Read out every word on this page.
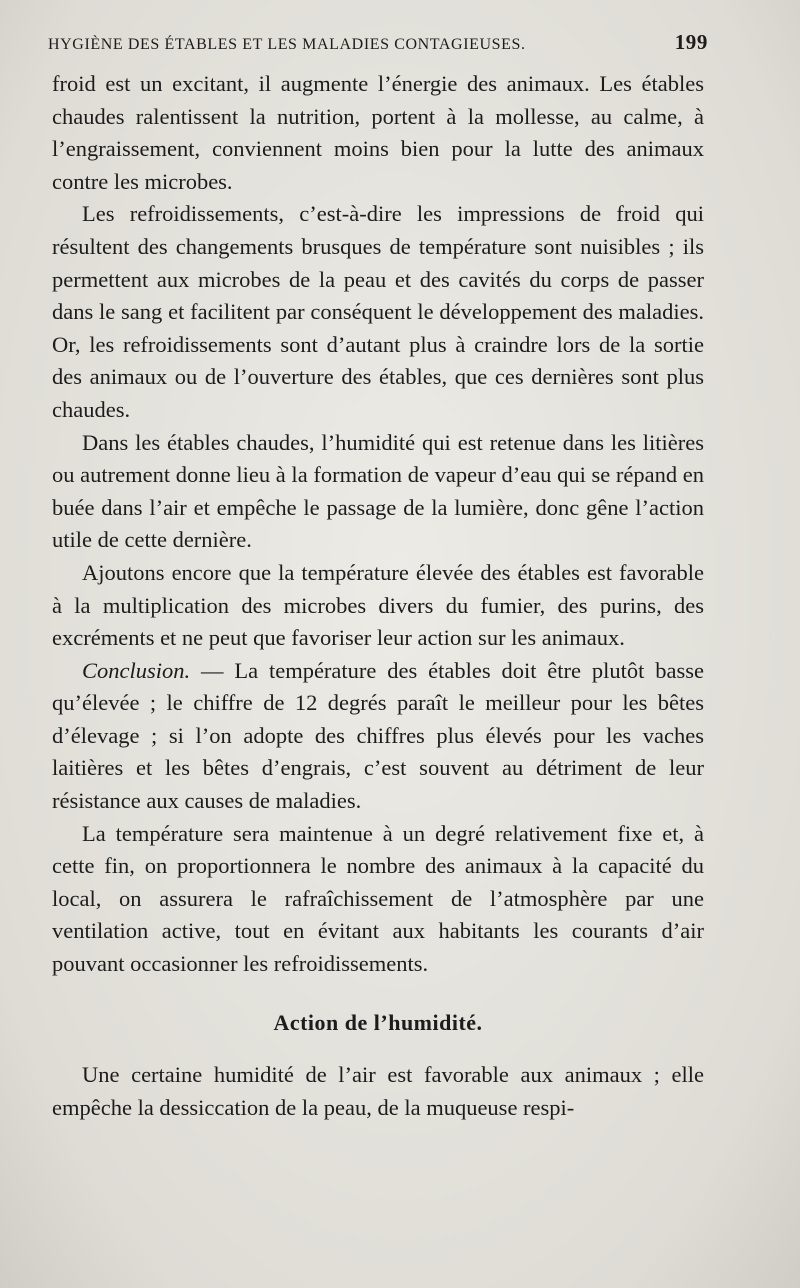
HYGIÈNE DES ÉTABLES ET LES MALADIES CONTAGIEUSES.	199

froid est un excitant, il augmente l’énergie des animaux. Les étables chaudes ralentissent la nutrition, portent à la mollesse, au calme, à l’engraissement, conviennent moins bien pour la lutte des animaux contre les microbes.

Les refroidissements, c’est-à-dire les impressions de froid qui résultent des changements brusques de température sont nuisibles ; ils permettent aux microbes de la peau et des cavités du corps de passer dans le sang et facilitent par conséquent le développement des maladies. Or, les refroidissements sont d’autant plus à craindre lors de la sortie des animaux ou de l’ouverture des étables, que ces dernières sont plus chaudes.

Dans les étables chaudes, l’humidité qui est retenue dans les litières ou autrement donne lieu à la formation de vapeur d’eau qui se répand en buée dans l’air et empêche le passage de la lumière, donc gêne l’action utile de cette dernière.

Ajoutons encore que la température élevée des étables est favorable à la multiplication des microbes divers du fumier, des purins, des excréments et ne peut que favoriser leur action sur les animaux.

Conclusion. — La température des étables doit être plutôt basse qu’élevée ; le chiffre de 12 degrés paraît le meilleur pour les bêtes d’élevage ; si l’on adopte des chiffres plus élevés pour les vaches laitières et les bêtes d’engrais, c’est souvent au détriment de leur résistance aux causes de maladies.

La température sera maintenue à un degré relativement fixe et, à cette fin, on proportionnera le nombre des animaux à la capacité du local, on assurera le rafraîchissement de l’atmosphère par une ventilation active, tout en évitant aux habitants les courants d’air pouvant occasionner les refroidissements.

Action de l’humidité.

Une certaine humidité de l’air est favorable aux animaux ; elle empêche la dessiccation de la peau, de la muqueuse respi-
